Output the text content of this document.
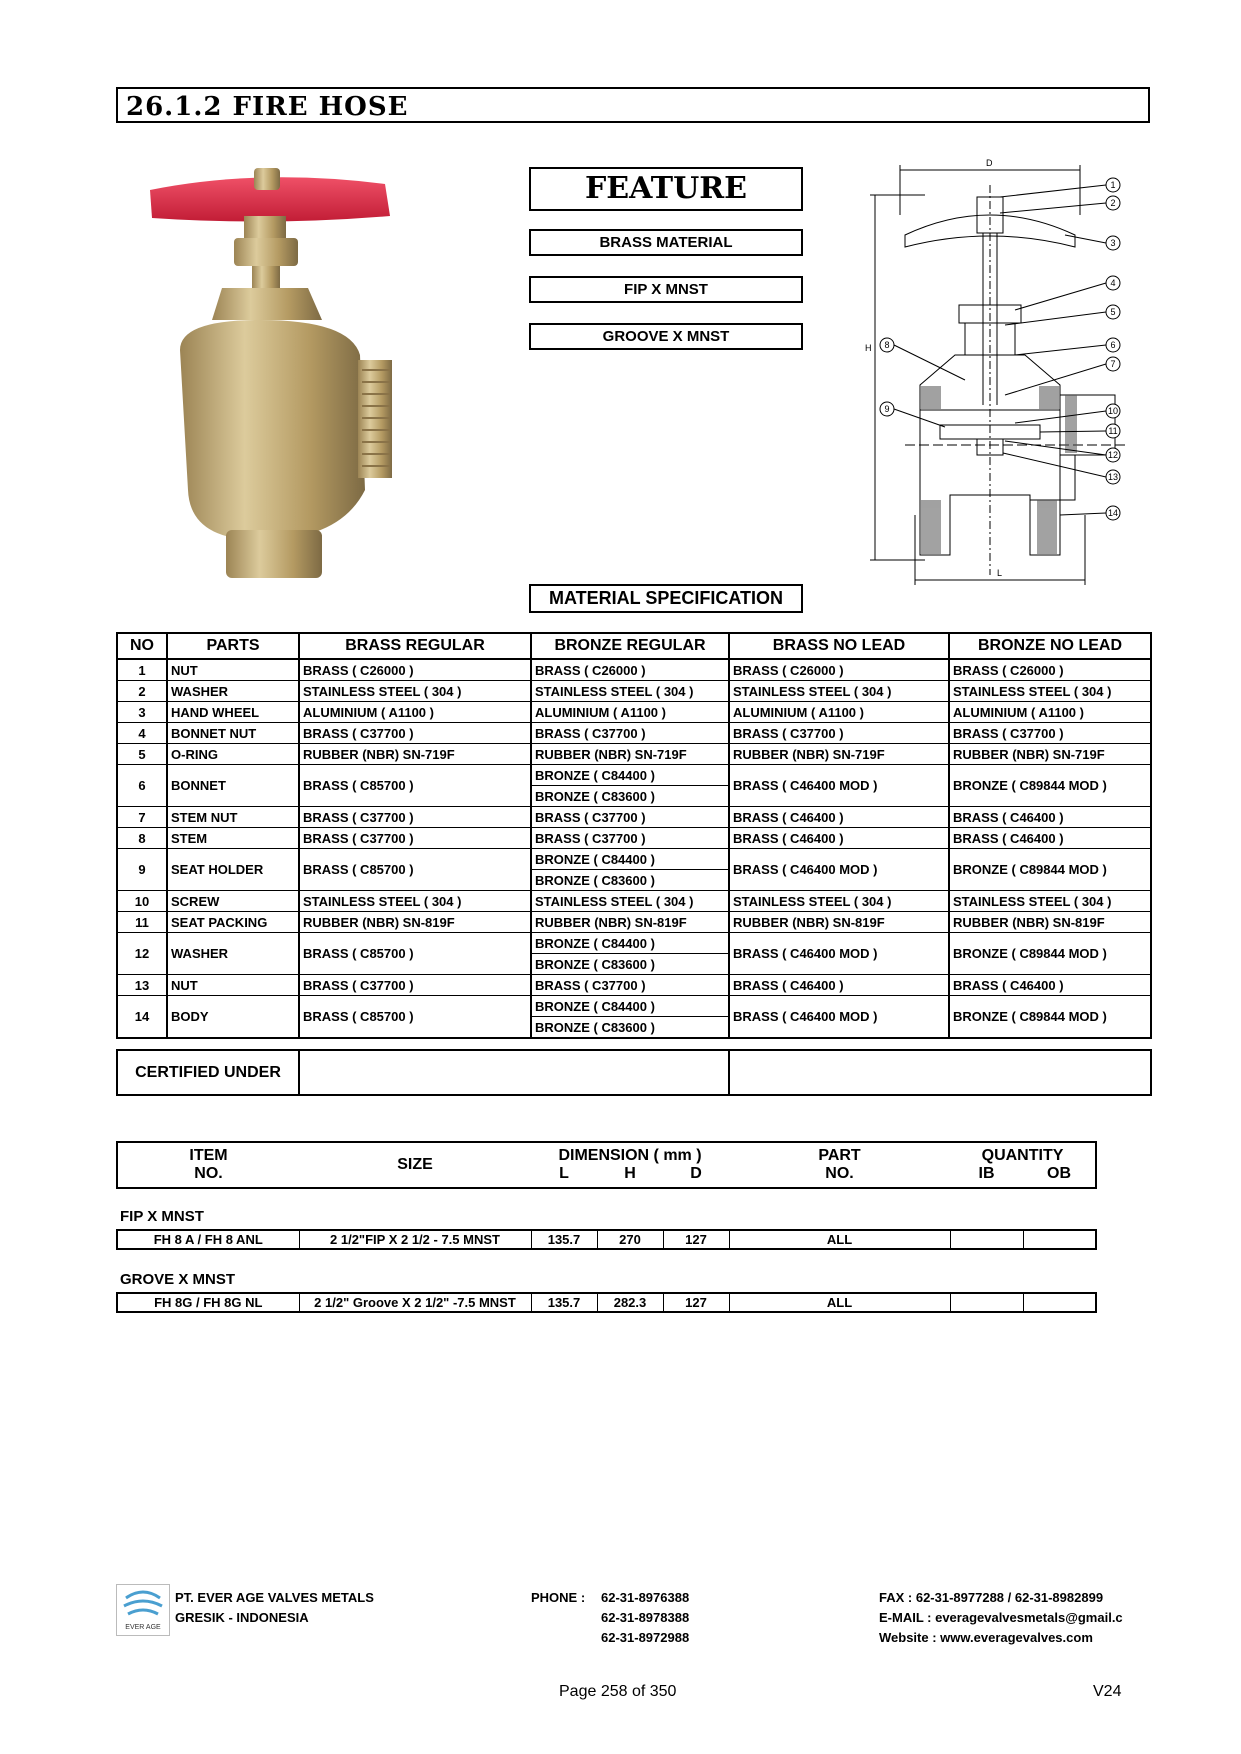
26.1.2 FIRE HOSE
FEATURE
BRASS MATERIAL
FIP X MNST
GROOVE X MNST
D
H
L
1
2
3
4
5
6
7
8
9	10
11
12
13
14
MATERIAL SPECIFICATION
NO	PARTS	BRASS REGULAR	BRONZE REGULAR	BRASS NO LEAD	BRONZE NO LEAD
1	NUT	BRASS ( C26000 )	BRASS ( C26000 )	BRASS ( C26000 )	BRASS ( C26000 )
2	WASHER	STAINLESS STEEL ( 304 )	STAINLESS STEEL ( 304 )	STAINLESS STEEL ( 304 )	STAINLESS STEEL ( 304 )
3	HAND WHEEL	ALUMINIUM ( A1100 )	ALUMINIUM ( A1100 )	ALUMINIUM ( A1100 )	ALUMINIUM ( A1100 )
4	BONNET NUT	BRASS ( C37700 )	BRASS ( C37700 )	BRASS ( C37700 )	BRASS ( C37700 )
5	O-RING	RUBBER (NBR) SN-719F	RUBBER (NBR) SN-719F	RUBBER (NBR) SN-719F	RUBBER (NBR) SN-719F
6	BONNET	BRASS ( C85700 )	BRONZE ( C84400 )	BRASS ( C46400 MOD )	BRONZE ( C89844 MOD )
			BRONZE ( C83600 )		
7	STEM NUT	BRASS ( C37700 )	BRASS ( C37700 )	BRASS ( C46400 )	BRASS ( C46400 )
8	STEM	BRASS ( C37700 )	BRASS ( C37700 )	BRASS ( C46400 )	BRASS ( C46400 )
9	SEAT HOLDER	BRASS ( C85700 )	BRONZE ( C84400 )	BRASS ( C46400 MOD )	BRONZE ( C89844 MOD )
			BRONZE ( C83600 )		
10	SCREW	STAINLESS STEEL ( 304 )	STAINLESS STEEL ( 304 )	STAINLESS STEEL ( 304 )	STAINLESS STEEL ( 304 )
11	SEAT PACKING	RUBBER (NBR) SN-819F	RUBBER (NBR) SN-819F	RUBBER (NBR) SN-819F	RUBBER (NBR) SN-819F
12	WASHER	BRASS ( C85700 )	BRONZE ( C84400 )	BRASS ( C46400 MOD )	BRONZE ( C89844 MOD )
			BRONZE ( C83600 )		
13	NUT	BRASS ( C37700 )	BRASS ( C37700 )	BRASS ( C46400 )	BRASS ( C46400 )
14	BODY	BRASS ( C85700 )	BRONZE ( C84400 )	BRASS ( C46400 MOD )	BRONZE ( C89844 MOD )
			BRONZE ( C83600 )		
CERTIFIED UNDER		
ITEM	SIZE	DIMENSION ( mm )			PART	QUANTITY	
NO.		L	H	D	NO.	IB	OB
FIP X MNST
FH 8 A / FH 8 ANL	2 1/2"FIP X 2 1/2 - 7.5 MNST	135.7	270	127	ALL		
GROVE X MNST
FH 8G / FH 8G NL	2 1/2" Groove X 2 1/2" -7.5 MNST	135.7	282.3	127	ALL		
EVER AGE
PT. EVER AGE VALVES METALS
GRESIK - INDONESIA
PHONE : 62-31-8976388
62-31-8978388
62-31-8972988
FAX : 62-31-8977288 / 62-31-8982899
E-MAIL : evera​gevalvesmetals@gmail.c
Website : www.everagevalves.com
Page 258 of 350	V24
